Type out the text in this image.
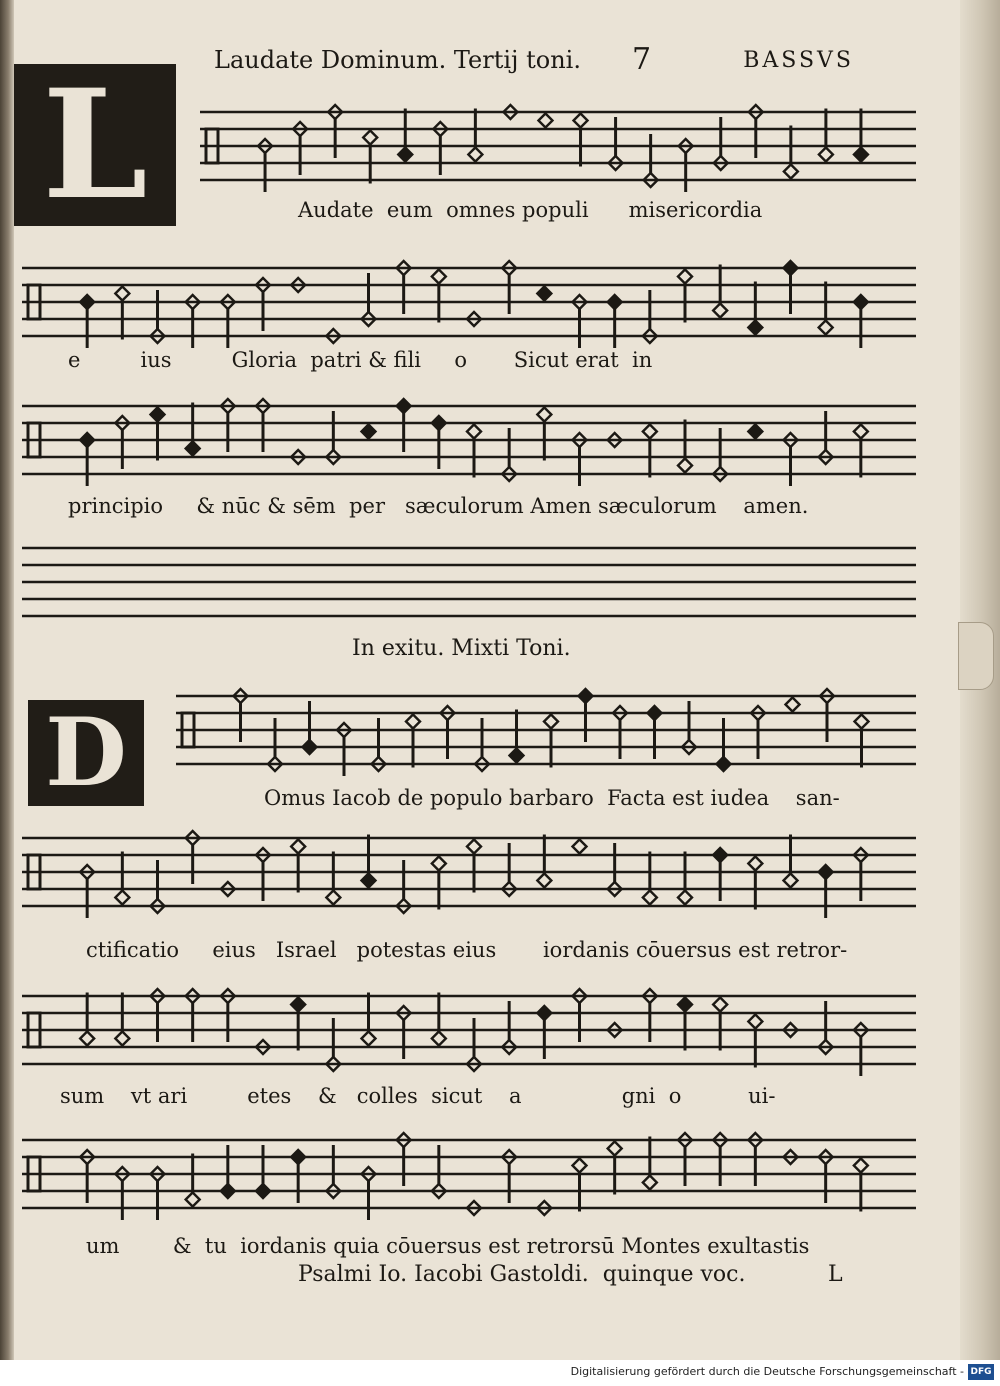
Laudate Dominum. Tertij toni. 7	BASSVS
L	Audate  eum  omnes populi      misericordia
e         ius         Gloria  patri & fili     o       Sicut erat  in
principio     & nūc & sēm  per   sæculorum Amen sæculorum    amen.
In exitu. Mixti Toni.
D	Omus Iacob de populo barbaro  Facta est iudea    san-
ctificatio     eius   Israel   potestas eius       iordanis cōuersus est retror-
sum    vt ari         etes    &   colles  sicut    a               gni  o          ui-
um        &  tu  iordanis quia cōuersus est retrorsū Montes exultastis
Psalmi Io. Iacobi Gastoldi.  quinque voc.	L
Digitalisierung gefördert durch die Deutsche Forschungsgemeinschaft - DFG
